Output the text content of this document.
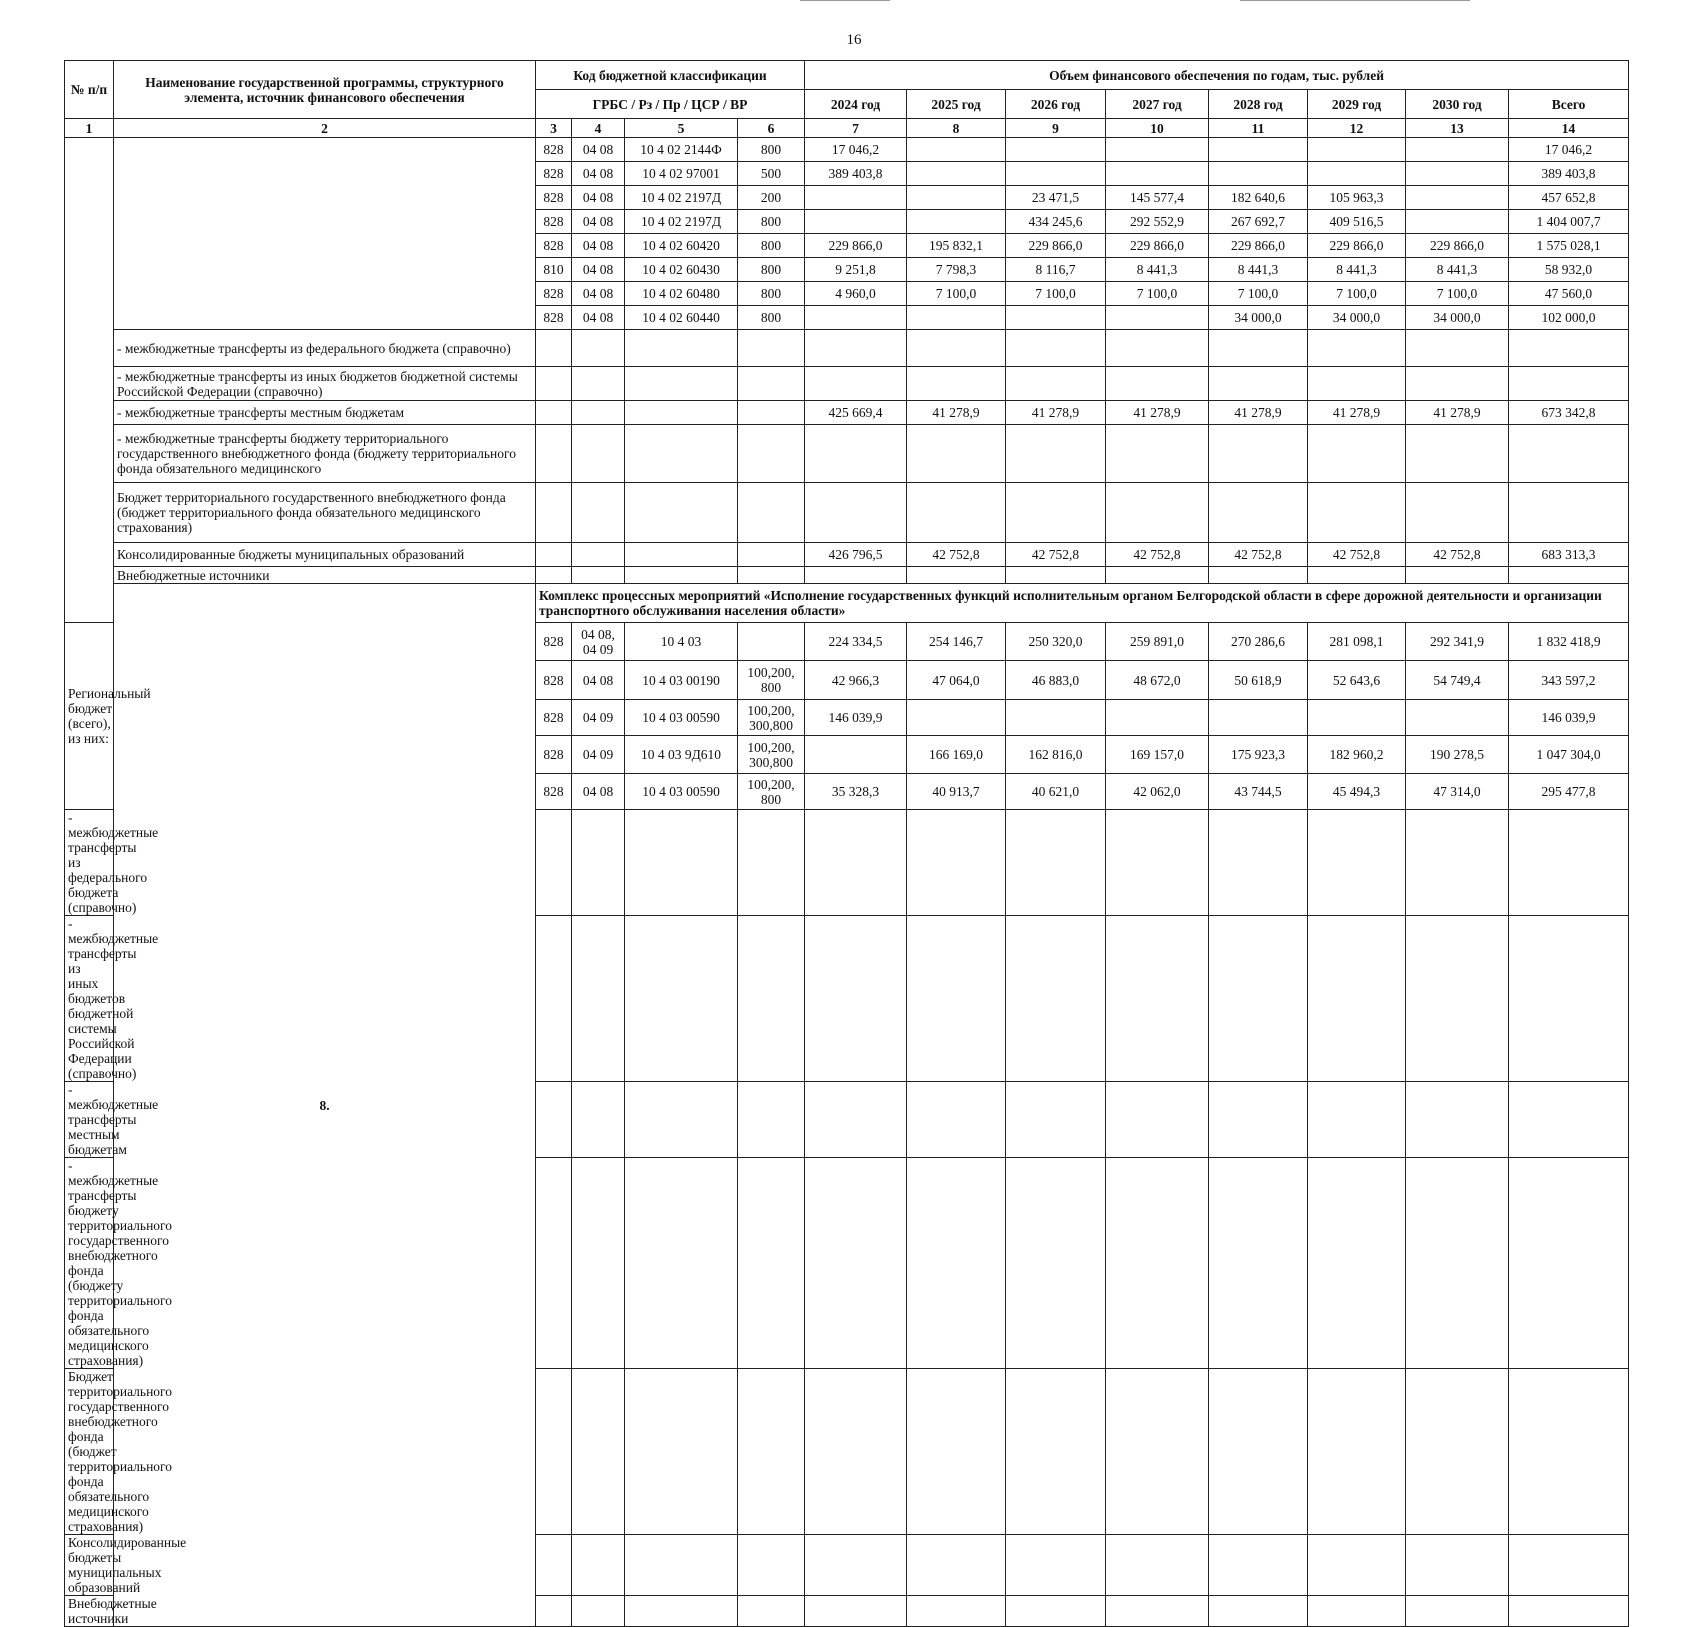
16
№ п/п	Наименование государственной программы, структурного элемента, источник финансового обеспечения	Код бюджетной классификации				Объем финансового обеспечения по годам, тыс. рублей							
		ГРБС / Рз / Пр / ЦСР / ВР				2024 год	2025 год	2026 год	2027 год	2028 год	2029 год	2030 год	Всего
1	2	3	4	5	6	7	8	9	10	11	12	13	14
		828	04 08	10 4 02 2144Ф	800	17 046,2							17 046,2
		828	04 08	10 4 02 97001	500	389 403,8							389 403,8
		828	04 08	10 4 02 2197Д	200			23 471,5	145 577,4	182 640,6	105 963,3		457 652,8
		828	04 08	10 4 02 2197Д	800			434 245,6	292 552,9	267 692,7	409 516,5		1 404 007,7
		828	04 08	10 4 02 60420	800	229 866,0	195 832,1	229 866,0	229 866,0	229 866,0	229 866,0	229 866,0	1 575 028,1
		810	04 08	10 4 02 60430	800	9 251,8	7 798,3	8 116,7	8 441,3	8 441,3	8 441,3	8 441,3	58 932,0
		828	04 08	10 4 02 60480	800	4 960,0	7 100,0	7 100,0	7 100,0	7 100,0	7 100,0	7 100,0	47 560,0
		828	04 08	10 4 02 60440	800					34 000,0	34 000,0	34 000,0	102 000,0
	- межбюджетные трансферты из федерального бюджета (справочно)												
	- межбюджетные трансферты из иных бюджетов бюджетной системы Российской Федерации (справочно)												
	- межбюджетные трансферты местным бюджетам					425 669,4	41 278,9	41 278,9	41 278,9	41 278,9	41 278,9	41 278,9	673 342,8
	- межбюджетные трансферты бюджету территориального государственного внебюджетного фонда (бюджету территориального фонда обязательного медицинского												
	Бюджет территориального государственного внебюджетного фонда (бюджет территориального фонда обязательного медицинского страхования)												
	Консолидированные бюджеты муниципальных образований					426 796,5	42 752,8	42 752,8	42 752,8	42 752,8	42 752,8	42 752,8	683 313,3
	Внебюджетные источники												
	8.	Комплекс процессных мероприятий «Исполнение государственных функций исполнительным органом Белгородской области в сфере дорожной деятельности и организации транспортного обслуживания населения области»											
Региональный бюджет (всего), из них:		828	04 08, 04 09	10 4 03		224 334,5	254 146,7	250 320,0	259 891,0	270 286,6	281 098,1	292 341,9	1 832 418,9
		828	04 08	10 4 03 00190	100,200, 800	42 966,3	47 064,0	46 883,0	48 672,0	50 618,9	52 643,6	54 749,4	343 597,2
		828	04 09	10 4 03 00590	100,200, 300,800	146 039,9							146 039,9
		828	04 09	10 4 03 9Д610	100,200, 300,800		166 169,0	162 816,0	169 157,0	175 923,3	182 960,2	190 278,5	1 047 304,0
		828	04 08	10 4 03 00590	100,200, 800	35 328,3	40 913,7	40 621,0	42 062,0	43 744,5	45 494,3	47 314,0	295 477,8
- межбюджетные трансферты из федерального бюджета (справочно)													
- межбюджетные трансферты из иных бюджетов бюджетной системы Российской Федерации (справочно)													
- межбюджетные трансферты местным бюджетам													
- межбюджетные трансферты бюджету территориального государственного внебюджетного фонда (бюджету территориального фонда обязательного медицинского страхования)													
Бюджет территориального государственного внебюджетного фонда (бюджет территориального фонда обязательного медицинского страхования)													
Консолидированные бюджеты муниципальных образований													
Внебюджетные источники													
